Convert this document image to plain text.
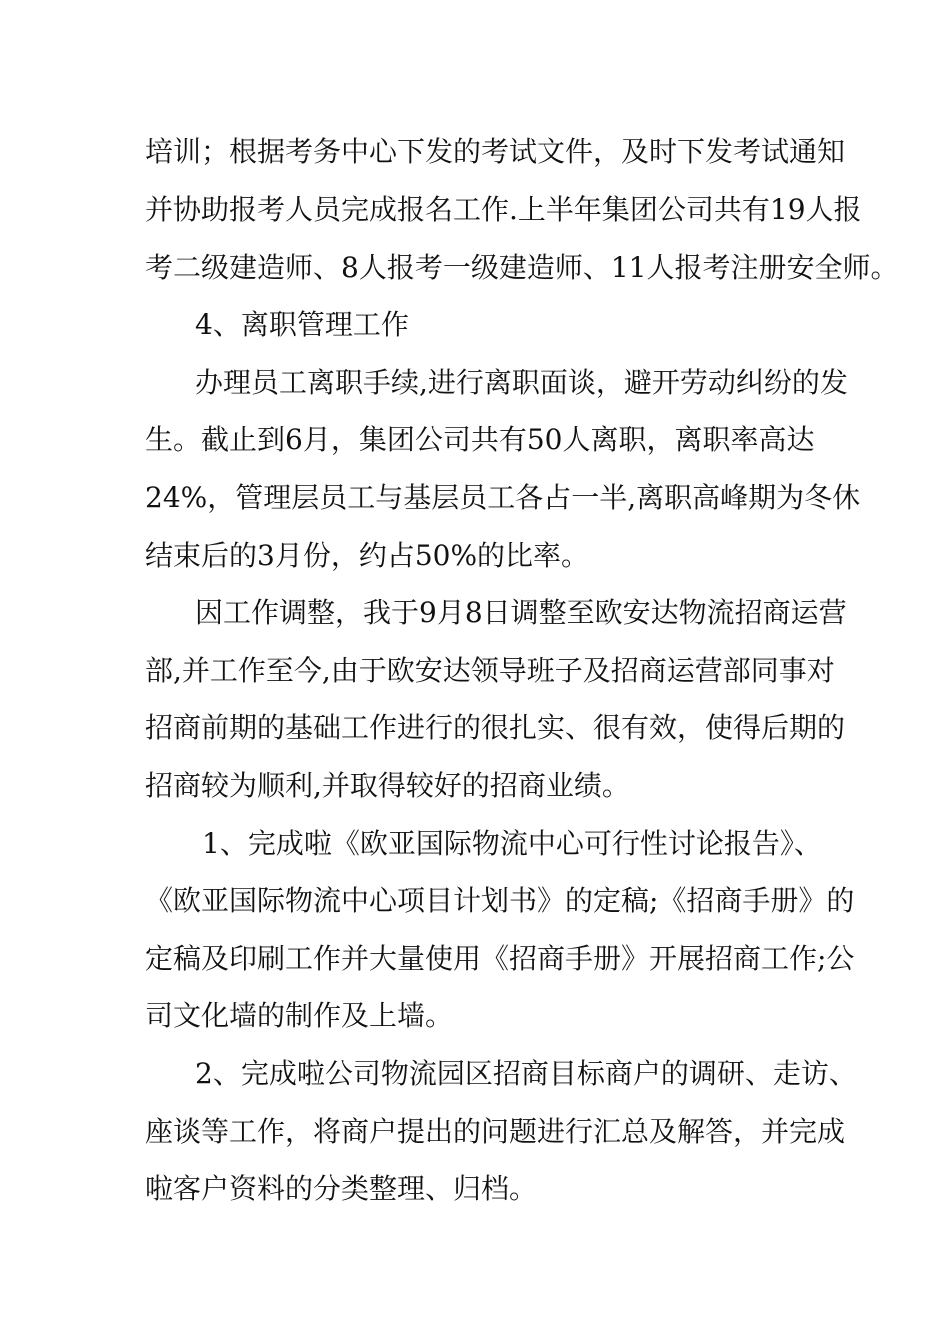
培训；根据考务中心下发的考试文件，及时下发考试通知

并协助报考人员完成报名工作.上半年集团公司共有19人报

考二级建造师、8人报考一级建造师、11人报考注册安全师。

4、离职管理工作

办理员工离职手续,进行离职面谈，避开劳动纠纷的发

生。截止到6月，集团公司共有50人离职，离职率高达

24%，管理层员工与基层员工各占一半,离职高峰期为冬休

结束后的3月份，约占50%的比率。

因工作调整，我于9月8日调整至欧安达物流招商运营

部,并工作至今,由于欧安达领导班子及招商运营部同事对

招商前期的基础工作进行的很扎实、很有效，使得后期的

招商较为顺利,并取得较好的招商业绩。

1、完成啦《欧亚国际物流中心可行性讨论报告》、

《欧亚国际物流中心项目计划书》的定稿;《招商手册》的

定稿及印刷工作并大量使用《招商手册》开展招商工作;公

司文化墙的制作及上墙。

2、完成啦公司物流园区招商目标商户的调研、走访、

座谈等工作，将商户提出的问题进行汇总及解答，并完成

啦客户资料的分类整理、归档。
